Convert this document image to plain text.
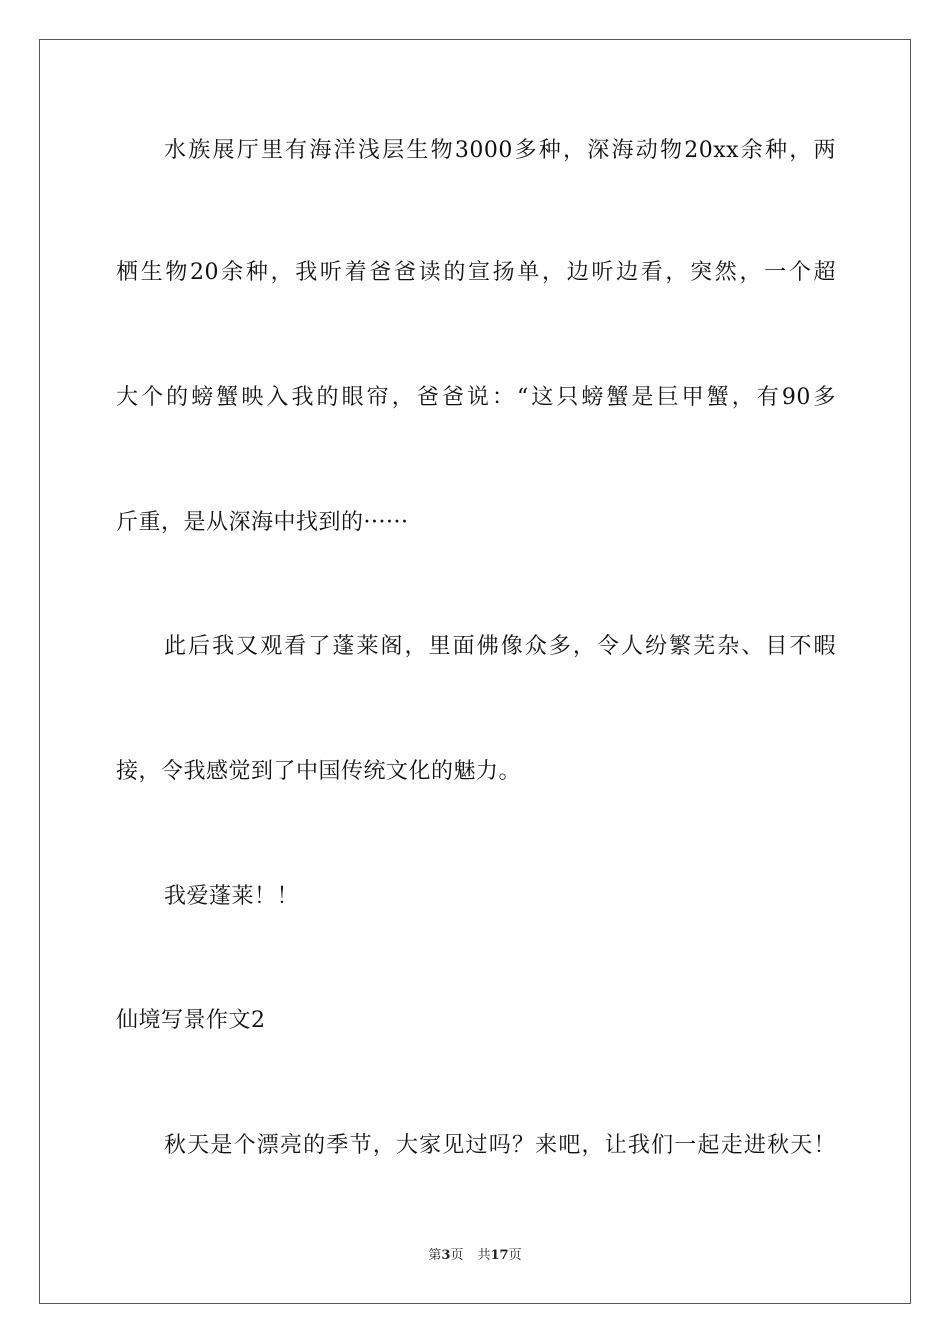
水族展厅里有海洋浅层生物3000多种，深海动物20xx余种，两
栖生物20余种，我听着爸爸读的宣扬单，边听边看，突然，一个超
大个的螃蟹映入我的眼帘，爸爸说：“这只螃蟹是巨甲蟹，有90多
斤重，是从深海中找到的······
此后我又观看了蓬莱阁，里面佛像众多，令人纷繁芜杂、目不暇
接，令我感觉到了中国传统文化的魅力。
我爱蓬莱！！
仙境写景作文2
秋天是个漂亮的季节，大家见过吗？来吧，让我们一起走进秋天！
第3页 共17页
